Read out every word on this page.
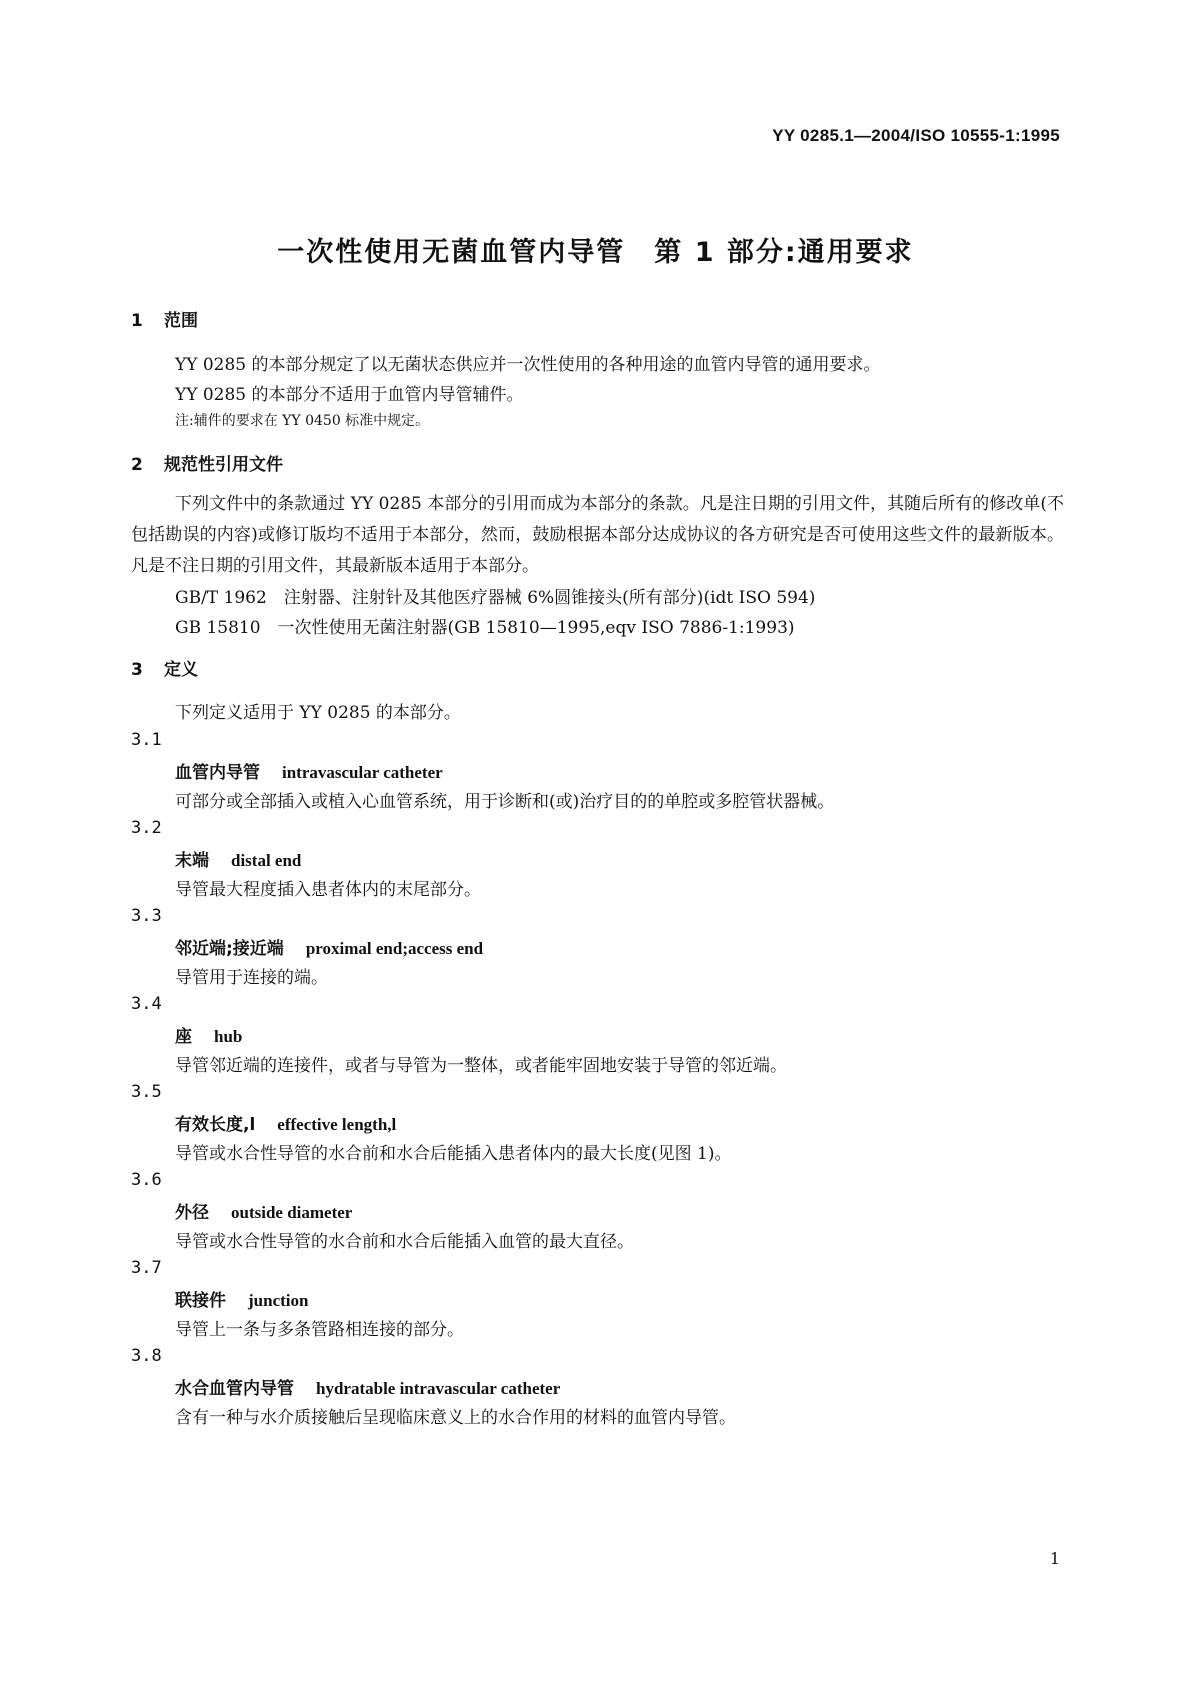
YY 0285.1—2004/ISO 10555-1:1995
一次性使用无菌血管内导管　第 1 部分:通用要求
1 范围
YY 0285 的本部分规定了以无菌状态供应并一次性使用的各种用途的血管内导管的通用要求。
YY 0285 的本部分不适用于血管内导管辅件。
注:辅件的要求在 YY 0450 标准中规定。
2 规范性引用文件
下列文件中的条款通过 YY 0285 本部分的引用而成为本部分的条款。凡是注日期的引用文件，其随后所有的修改单(不包括勘误的内容)或修订版均不适用于本部分，然而，鼓励根据本部分达成协议的各方研究是否可使用这些文件的最新版本。凡是不注日期的引用文件，其最新版本适用于本部分。
GB/T 1962　注射器、注射针及其他医疗器械 6%圆锥接头(所有部分)(idt ISO 594)
GB 15810　一次性使用无菌注射器(GB 15810—1995,eqv ISO 7886-1:1993)
3 定义
下列定义适用于 YY 0285 的本部分。
3.1
血管内导管 intravascular catheter
可部分或全部插入或植入心血管系统，用于诊断和(或)治疗目的的单腔或多腔管状器械。
3.2
末端 distal end
导管最大程度插入患者体内的末尾部分。
3.3
邻近端;接近端 proximal end;access end
导管用于连接的端。
3.4
座 hub
导管邻近端的连接件，或者与导管为一整体，或者能牢固地安装于导管的邻近端。
3.5
有效长度,l effective length,l
导管或水合性导管的水合前和水合后能插入患者体内的最大长度(见图 1)。
3.6
外径 outside diameter
导管或水合性导管的水合前和水合后能插入血管的最大直径。
3.7
联接件 junction
导管上一条与多条管路相连接的部分。
3.8
水合血管内导管 hydratable intravascular catheter
含有一种与水介质接触后呈现临床意义上的水合作用的材料的血管内导管。
1
